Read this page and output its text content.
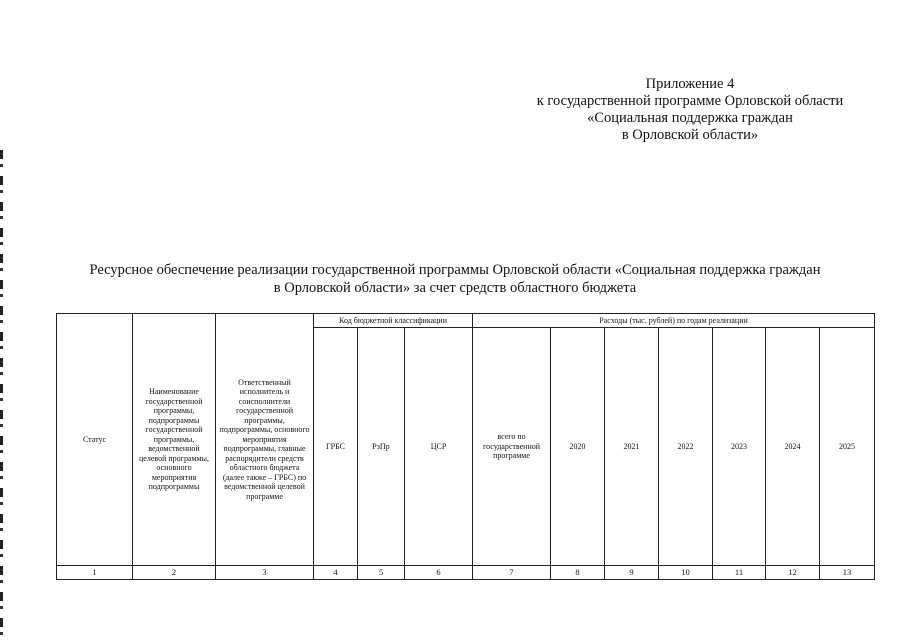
Приложение 4
к государственной программе Орловской области
«Социальная поддержка граждан
в Орловской области»
Ресурсное обеспечение реализации государственной программы Орловской области «Социальная поддержка граждан
в Орловской области» за счет средств областного бюджета
Статус	Наименование государственной программы, подпрограммы государственной программы, ведомственной целевой программы, основного мероприятия подпрограммы	Ответственный исполнитель и соисполнители государственной программы, подпрограммы, основного мероприятия подпрограммы, главные распорядители средств областного бюджета (далее также – ГРБС) по ведомственной целевой программе	Код бюджетной классификации			Расходы (тыс. рублей) по годам реализации						
			ГРБС	РзПр	ЦСР	всего по государственной программе	2020	2021	2022	2023	2024	2025
1	2	3	4	5	6	7	8	9	10	11	12	13
